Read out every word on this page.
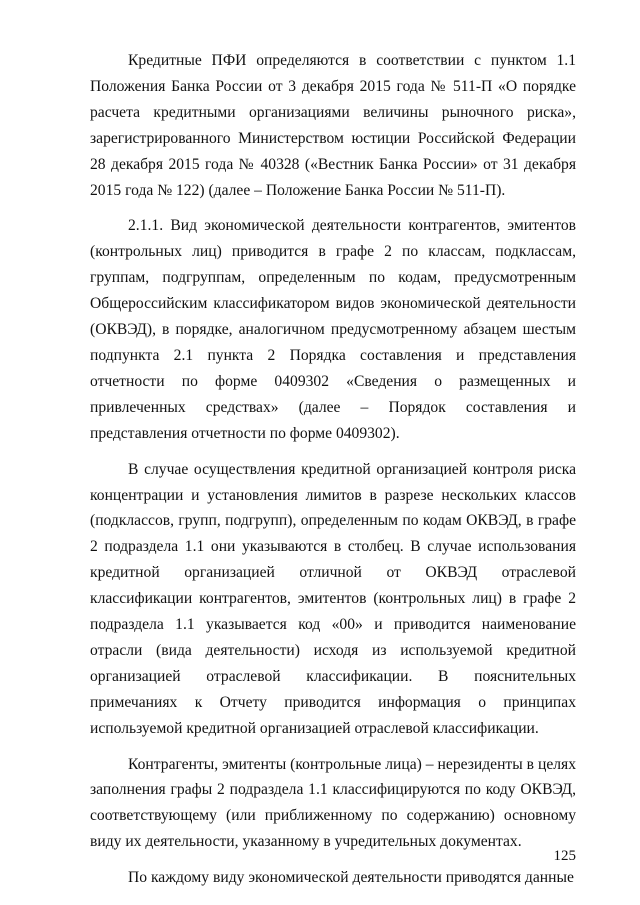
Кредитные ПФИ определяются в соответствии с пунктом 1.1 Положения Банка России от 3 декабря 2015 года № 511-П «О порядке расчета кредитными организациями величины рыночного риска», зарегистрированного Министерством юстиции Российской Федерации 28 декабря 2015 года № 40328 («Вестник Банка России» от 31 декабря 2015 года № 122) (далее – Положение Банка России № 511-П).

2.1.1. Вид экономической деятельности контрагентов, эмитентов (контрольных лиц) приводится в графе 2 по классам, подклассам, группам, подгруппам, определенным по кодам, предусмотренным Общероссийским классификатором видов экономической деятельности (ОКВЭД), в порядке, аналогичном предусмотренному абзацем шестым подпункта 2.1 пункта 2 Порядка составления и представления отчетности по форме 0409302 «Сведения о размещенных и привлеченных средствах» (далее – Порядок составления и представления отчетности по форме 0409302).

В случае осуществления кредитной организацией контроля риска концентрации и установления лимитов в разрезе нескольких классов (подклассов, групп, подгрупп), определенным по кодам ОКВЭД, в графе 2 подраздела 1.1 они указываются в столбец. В случае использования кредитной организацией отличной от ОКВЭД отраслевой классификации контрагентов, эмитентов (контрольных лиц) в графе 2 подраздела 1.1 указывается код «00» и приводится наименование отрасли (вида деятельности) исходя из используемой кредитной организацией отраслевой классификации. В пояснительных примечаниях к Отчету приводится информация о принципах используемой кредитной организацией отраслевой классификации.

Контрагенты, эмитенты (контрольные лица) – нерезиденты в целях заполнения графы 2 подраздела 1.1 классифицируются по коду ОКВЭД, соответствующему (или приближенному по содержанию) основному виду их деятельности, указанному в учредительных документах.

По каждому виду экономической деятельности приводятся данные

125
